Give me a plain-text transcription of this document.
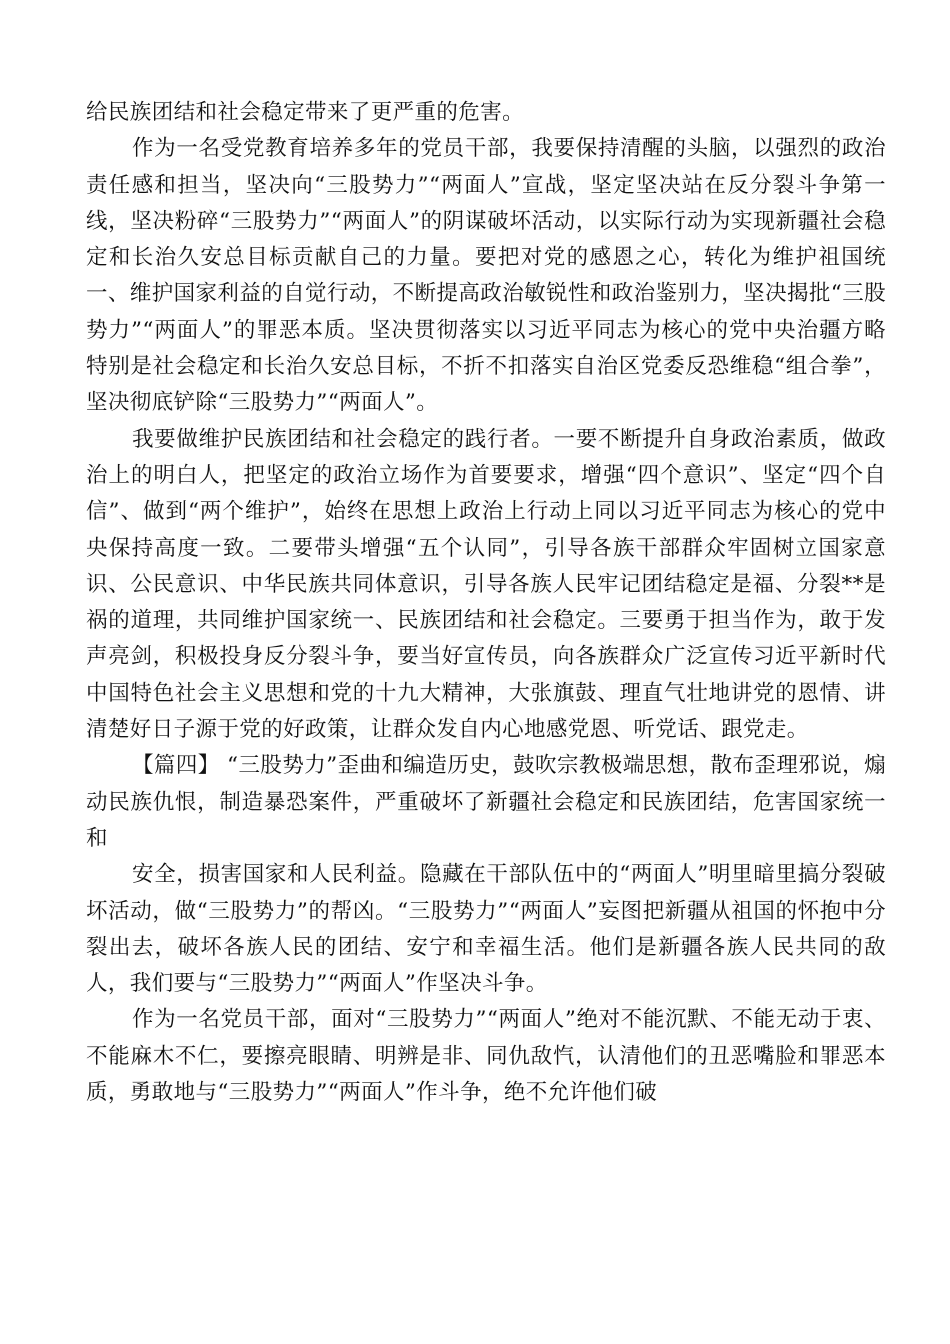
给民族团结和社会稳定带来了更严重的危害。

作为一名受党教育培养多年的党员干部，我要保持清醒的头脑，以强烈的政治责任感和担当，坚决向“三股势力”“两面人”宣战，坚定坚决站在反分裂斗争第一线，坚决粉碎“三股势力”“两面人”的阴谋破坏活动，以实际行动为实现新疆社会稳定和长治久安总目标贡献自己的力量。要把对党的感恩之心，转化为维护祖国统一、维护国家利益的自觉行动，不断提高政治敏锐性和政治鉴别力，坚决揭批“三股势力”“两面人”的罪恶本质。坚决贯彻落实以习近平同志为核心的党中央治疆方略特别是社会稳定和长治久安总目标，不折不扣落实自治区党委反恐维稳“组合拳”，坚决彻底铲除“三股势力”“两面人”。

我要做维护民族团结和社会稳定的践行者。一要不断提升自身政治素质，做政治上的明白人，把坚定的政治立场作为首要要求，增强“四个意识”、坚定“四个自信”、做到“两个维护”，始终在思想上政治上行动上同以习近平同志为核心的党中央保持高度一致。二要带头增强“五个认同”，引导各族干部群众牢固树立国家意识、公民意识、中华民族共同体意识，引导各族人民牢记团结稳定是福、分裂**是祸的道理，共同维护国家统一、民族团结和社会稳定。三要勇于担当作为，敢于发声亮剑，积极投身反分裂斗争，要当好宣传员，向各族群众广泛宣传习近平新时代中国特色社会主义思想和党的十九大精神，大张旗鼓、理直气壮地讲党的恩情、讲清楚好日子源于党的好政策，让群众发自内心地感党恩、听党话、跟党走。

【篇四】 “三股势力”歪曲和编造历史，鼓吹宗教极端思想，散布歪理邪说，煽动民族仇恨，制造暴恐案件，严重破坏了新疆社会稳定和民族团结，危害国家统一和

安全，损害国家和人民利益。隐藏在干部队伍中的“两面人”明里暗里搞分裂破坏活动，做“三股势力”的帮凶。“三股势力”“两面人”妄图把新疆从祖国的怀抱中分裂出去，破坏各族人民的团结、安宁和幸福生活。他们是新疆各族人民共同的敌人，我们要与“三股势力”“两面人”作坚决斗争。

作为一名党员干部，面对“三股势力”“两面人”绝对不能沉默、不能无动于衷、不能麻木不仁，要擦亮眼睛、明辨是非、同仇敌忾，认清他们的丑恶嘴脸和罪恶本质，勇敢地与“三股势力”“两面人”作斗争，绝不允许他们破
